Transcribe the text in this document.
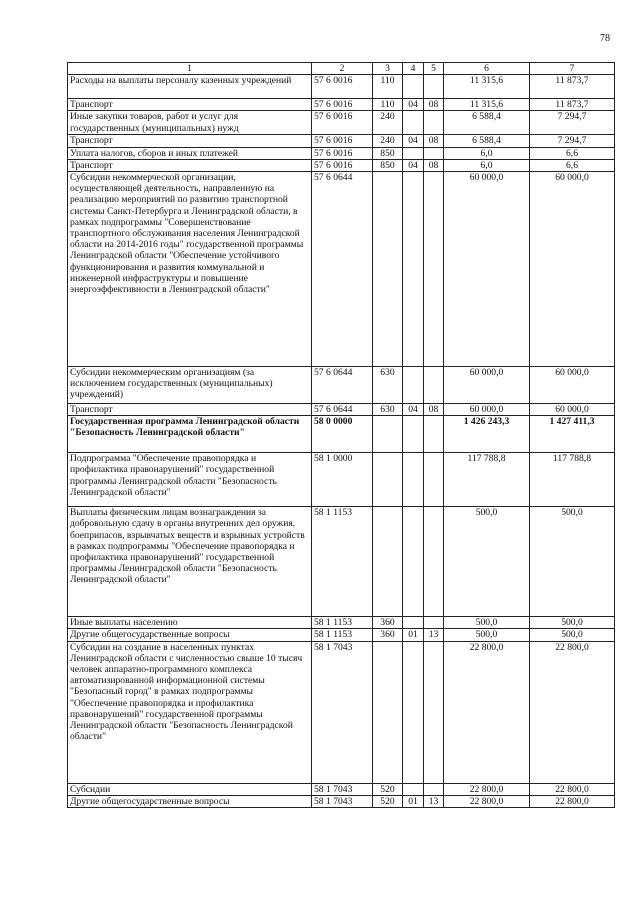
78
1	2	3	4	5	6	7
Расходы на выплаты персоналу казенных учреждений	57 6 0016	110			11 315,6	11 873,7
Транспорт	57 6 0016	110	04	08	11 315,6	11 873,7
Иные закупки товаров, работ и услуг для государственных (муниципальных) нужд	57 6 0016	240			6 588,4	7 294,7
Транспорт	57 6 0016	240	04	08	6 588,4	7 294,7
Уплата налогов, сборов и иных платежей	57 6 0016	850			6,0	6,6
Транспорт	57 6 0016	850	04	08	6,0	6,6
Субсидии некоммерческой организации, осуществляющей деятельность, направленную на реализацию мероприятий по развитию транспортной системы Санкт-Петербурга и Ленинградской области, в рамках подпрограммы "Совершенствование транспортного обслуживания населения Ленинградской области на 2014-2016 годы" государственной программы Ленинградской области "Обеспечение устойчивого функционирования и развития коммунальной и инженерной инфраструктуры и повышение энергоэффективности в Ленинградской области"	57 6 0644				60 000,0	60 000,0
Субсидии некоммерческим организациям (за исключением государственных (муниципальных) учреждений)	57 6 0644	630			60 000,0	60 000,0
Транспорт	57 6 0644	630	04	08	60 000,0	60 000,0
Государственная программа Ленинградской области "Безопасность Ленинградской области"	58 0 0000				1 426 243,3	1 427 411,3
Подпрограмма "Обеспечение правопорядка и профилактика правонарушений" государственной программы Ленинградской области "Безопасность Ленинградской области"	58 1 0000				117 788,8	117 788,8
Выплаты физическим лицам вознаграждения за добровольную сдачу в органы внутренних дел оружия, боеприпасов, взрывчатых веществ и взрывных устройств в рамках подпрограммы "Обеспечение правопорядка и профилактика правонарушений" государственной программы Ленинградской области "Безопасность Ленинградской области"	58 1 1153				500,0	500,0
Иные выплаты населению	58 1 1153	360			500,0	500,0
Другие общегосударственные вопросы	58 1 1153	360	01	13	500,0	500,0
Субсидии на создание в населенных пунктах Ленинградской области с численностью свыше 10 тысяч человек аппаратно-программного комплекса автоматизированной информационной системы "Безопасный город" в рамках подпрограммы "Обеспечение правопорядка и профилактика правонарушений" государственной программы Ленинградской области "Безопасность Ленинградской области"	58 1 7043				22 800,0	22 800,0
Субсидии	58 1 7043	520			22 800,0	22 800,0
Другие общегосударственные вопросы	58 1 7043	520	01	13	22 800,0	22 800,0
